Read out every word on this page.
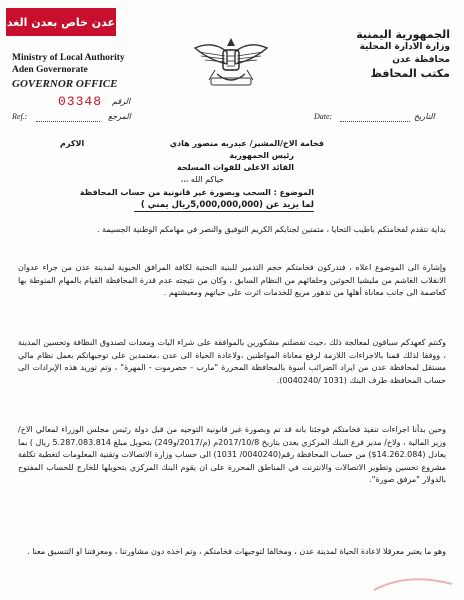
عدن خاص بعدن الغد
Ministry of Local Authority
Aden Governorate
GOVERNOR OFFICE
الجمهورية اليمنية
وزارة الادارة المحلية
محافظة عدن
مكتب المحافظ
03348 الرقم
Ref.:	المرجع	Date:	التاريخ
الاكرم	فخامة الاخ/المشير/ عبدربه منصور هادي
رئيس الجمهورية
القائد الاعلى للقوات المسلحة
حياكم الله ،،،
الموضوع : السحب وبصورة غير قانونية من حساب المحافظة
لما يزيد عن (5,000,000,000ريال يمني )
بداية نتقدم لفخامتكم باطيب التحايا ، متمنين لجنابكم الكريم التوفيق والنصر في مهامكم الوطنية الجسيمة .
وإشارة الى الموضوع اعلاه ، فندركون فخامتكم حجم التدمير للبنية التحتية لكافة المرافق الحيوية لمدينة عدن من جراء عدوان الانقلاب الغاشم من مليشيا الحوثين وحلفائهم من النظام السابق ، وكان من نتيجته عدم قدرة المحافظة القيام بالمهام المنوطة بها كعاصمة الى جانب معاناة أهلها من تدهور مريع للخدمات اثرت على حياتهم ومعيشتهم .
وكنتم كعهدكم سباقون لمعالجة ذلك ،حيث تفضلتم مشكورين بالموافقة على شراء اليات ومعدات لصندوق النظافة وتحسين المدينة ، ووفقا لذلك قمنا بالاجراءات اللازمة لرفع معاناة المواطنين ،ولاعادة الحياة الى عدن ،معتمدين على توجيهاتكم بعمل نظام مالي مستقل لمحافظة عدن من ايراد الضرائب أسوة بالمحافظة المحررة "مارب - حضرموت - المهرة" ، وتم توريد هذه الإيرادات الى حساب المحافظة طرف البنك (1031 /0040240).
وحين بدأنا اجراءات تنفيذ فخامتكم فوجئنا بانه قد تم وبصورة غير قانونية التوجيه من قبل دولة رئيس مجلس الوزراء لمعالي الاخ/ وزير المالية ، ولاخ/ مدير فرع البنك المركزي بعدن بتاريخ 2017/10/8م (م/2017/و249) بتحويل مبلغ 5.287.083.814 ريال ) بما يعادل (14.262.084$) من حساب المحافظة رقم(0040240/ 1031) الى حساب وزارة الاتصالات وتقنية المعلومات لتغطية تكلفة مشروع تحسين وتطوير الاتصالات والانترنت في المناطق المحررة على ان يقوم البنك المركزي بتحويلها للخارج للحساب المفتوح بالدولار "مرفق صورة".
وهو ما يعتبر معرقلا لاعادة الحياة لمدينة عدن ، ومخالفا لتوجيهات فخامتكم ، وتم اخذه دون مشاورتنا ، ومعرفتنا او التنسيق معنا .
